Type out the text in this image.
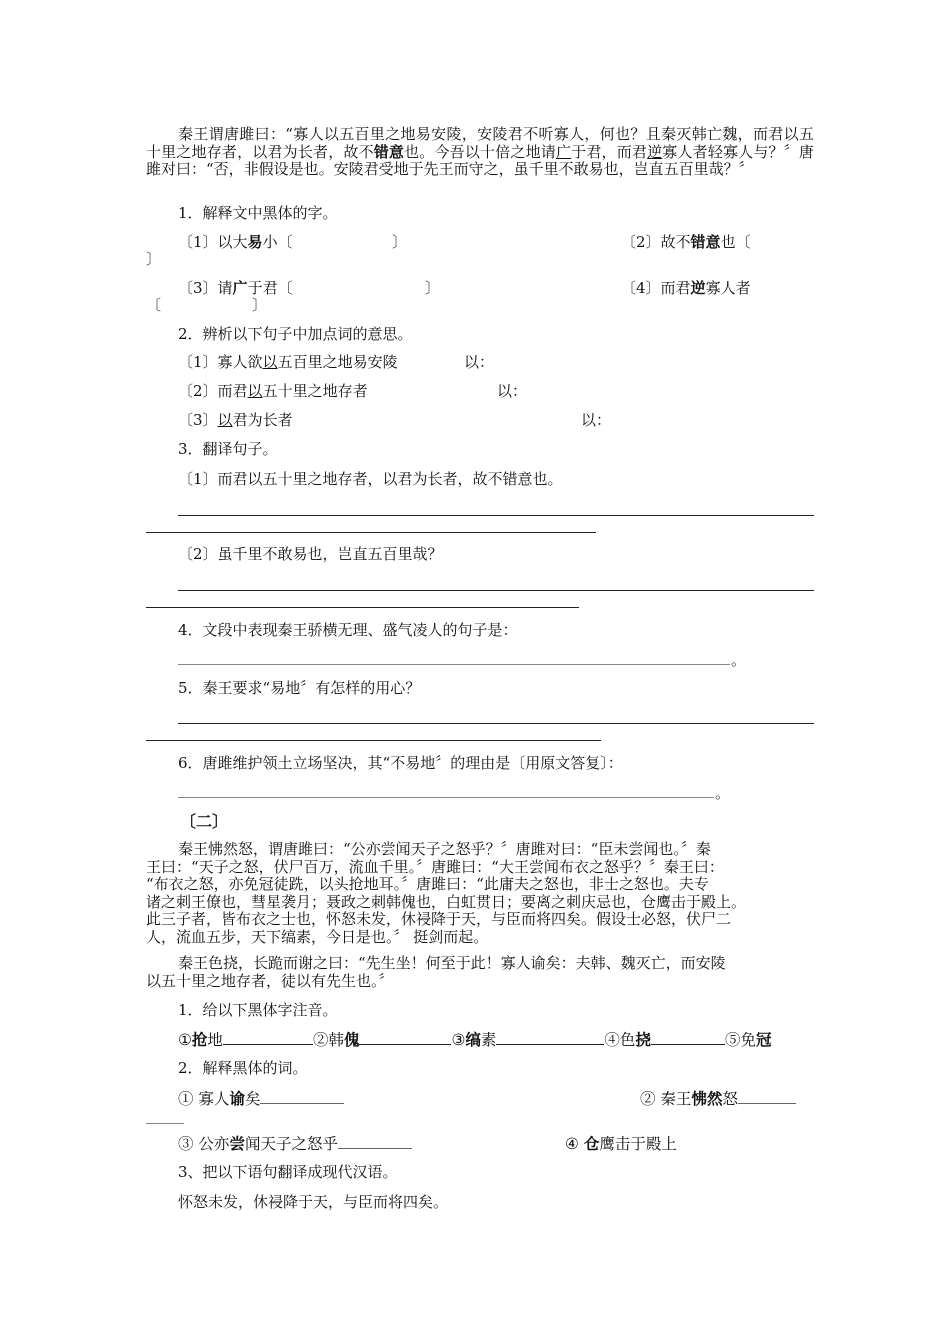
秦王谓唐雎曰：“寡人以五百里之地易安陵，安陵君不听寡人，何也？且秦灭韩亡魏，而君以五十里之地存者，以君为长者，故不错意也。今吾以十倍之地请广于君，而君逆寡人者轻寡人与？〞唐雎对曰：“否，非假设是也。安陵君受地于先王而守之，虽千里不敢易也，岂直五百里哉？〞
1．解释文中黑体的字。
〔1〕以大易小〔	〕	〔2〕故不错意也〔
〕
〔3〕请广于君〔	〕	〔4〕而君逆寡人者
〔	〕
2．辨析以下句子中加点词的意思。
〔1〕寡人欲以五百里之地易安陵	以：
〔2〕而君以五十里之地存者	以：
〔3〕以君为长者	以：
3．翻译句子。
〔1〕而君以五十里之地存者，以君为长者，故不错意也。
〔2〕虽千里不敢易也，岂直五百里哉？
4．文段中表现秦王骄横无理、盛气凌人的句子是：
。
5．秦王要求“易地〞有怎样的用心？
6．唐雎维护领土立场坚决，其“不易地〞的理由是〔用原文答复〕：
。
〔二〕
秦王怫然怒，谓唐雎曰：“公亦尝闻天子之怒乎？〞唐雎对曰：“臣未尝闻也。〞秦
王曰：“天子之怒，伏尸百万，流血千里。〞唐雎曰：“大王尝闻布衣之怒乎？〞秦王曰：
“布衣之怒，亦免冠徒跣，以头抢地耳。〞唐雎曰：“此庸夫之怒也，非士之怒也。夫专
诸之刺王僚也，彗星袭月；聂政之刺韩傀也，白虹贯日；要离之刺庆忌也，仓鹰击于殿上。
此三子者，皆布衣之士也，怀怒未发，休祲降于天，与臣而将四矣。假设士必怒，伏尸二
人，流血五步，天下缟素，今日是也。〞 挺剑而起。
秦王色挠，长跪而谢之曰：“先生坐！何至于此！寡人谕矣：夫韩、魏灭亡，而安陵
以五十里之地存者，徒以有先生也。〞
1．给以下黑体字注音。
①抢地	②韩傀	③缟素	④色挠	⑤免冠
2．解释黑体的词。
① 寡人谕矣	② 秦王怫然怒
③ 公亦尝闻天子之怒乎	④ 仓鹰击于殿上
3、把以下语句翻译成现代汉语。
怀怒未发，休祲降于天，与臣而将四矣。
